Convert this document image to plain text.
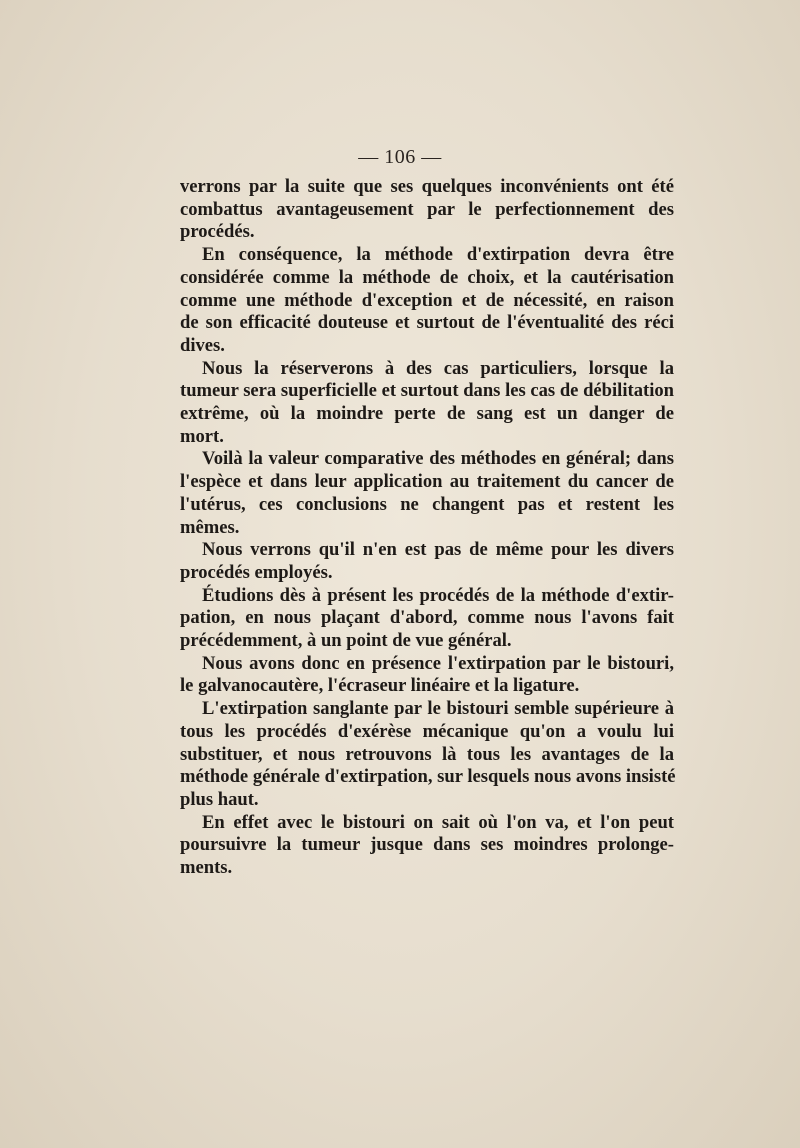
— 106 —

verrons par la suite que ses quelques inconvénients ont été
combattus avantageusement par le perfectionnement des
procédés.

En conséquence, la méthode d'extirpation devra être
considérée comme la méthode de choix, et la cautérisation
comme une méthode d'exception et de nécessité, en raison
de son efficacité douteuse et surtout de l'éventualité des réci
dives.

Nous la réserverons à des cas particuliers, lorsque la
tumeur sera superficielle et surtout dans les cas de débilitation
extrême, où la moindre perte de sang est un danger de
mort.

Voilà la valeur comparative des méthodes en général; dans
l'espèce et dans leur application au traitement du cancer de
l'utérus, ces conclusions ne changent pas et restent les
mêmes.

Nous verrons qu'il n'en est pas de même pour les divers
procédés employés.

Étudions dès à présent les procédés de la méthode d'extir-
pation, en nous plaçant d'abord, comme nous l'avons fait
précédemment, à un point de vue général.

Nous avons donc en présence l'extirpation par le bistouri,
le galvanocautère, l'écraseur linéaire et la ligature.

L'extirpation sanglante par le bistouri semble supérieure à
tous les procédés d'exérèse mécanique qu'on a voulu lui
substituer, et nous retrouvons là tous les avantages de la
méthode générale d'extirpation, sur lesquels nous avons insisté
plus haut.

En effet avec le bistouri on sait où l'on va, et l'on peut
poursuivre la tumeur jusque dans ses moindres prolonge-
ments.
